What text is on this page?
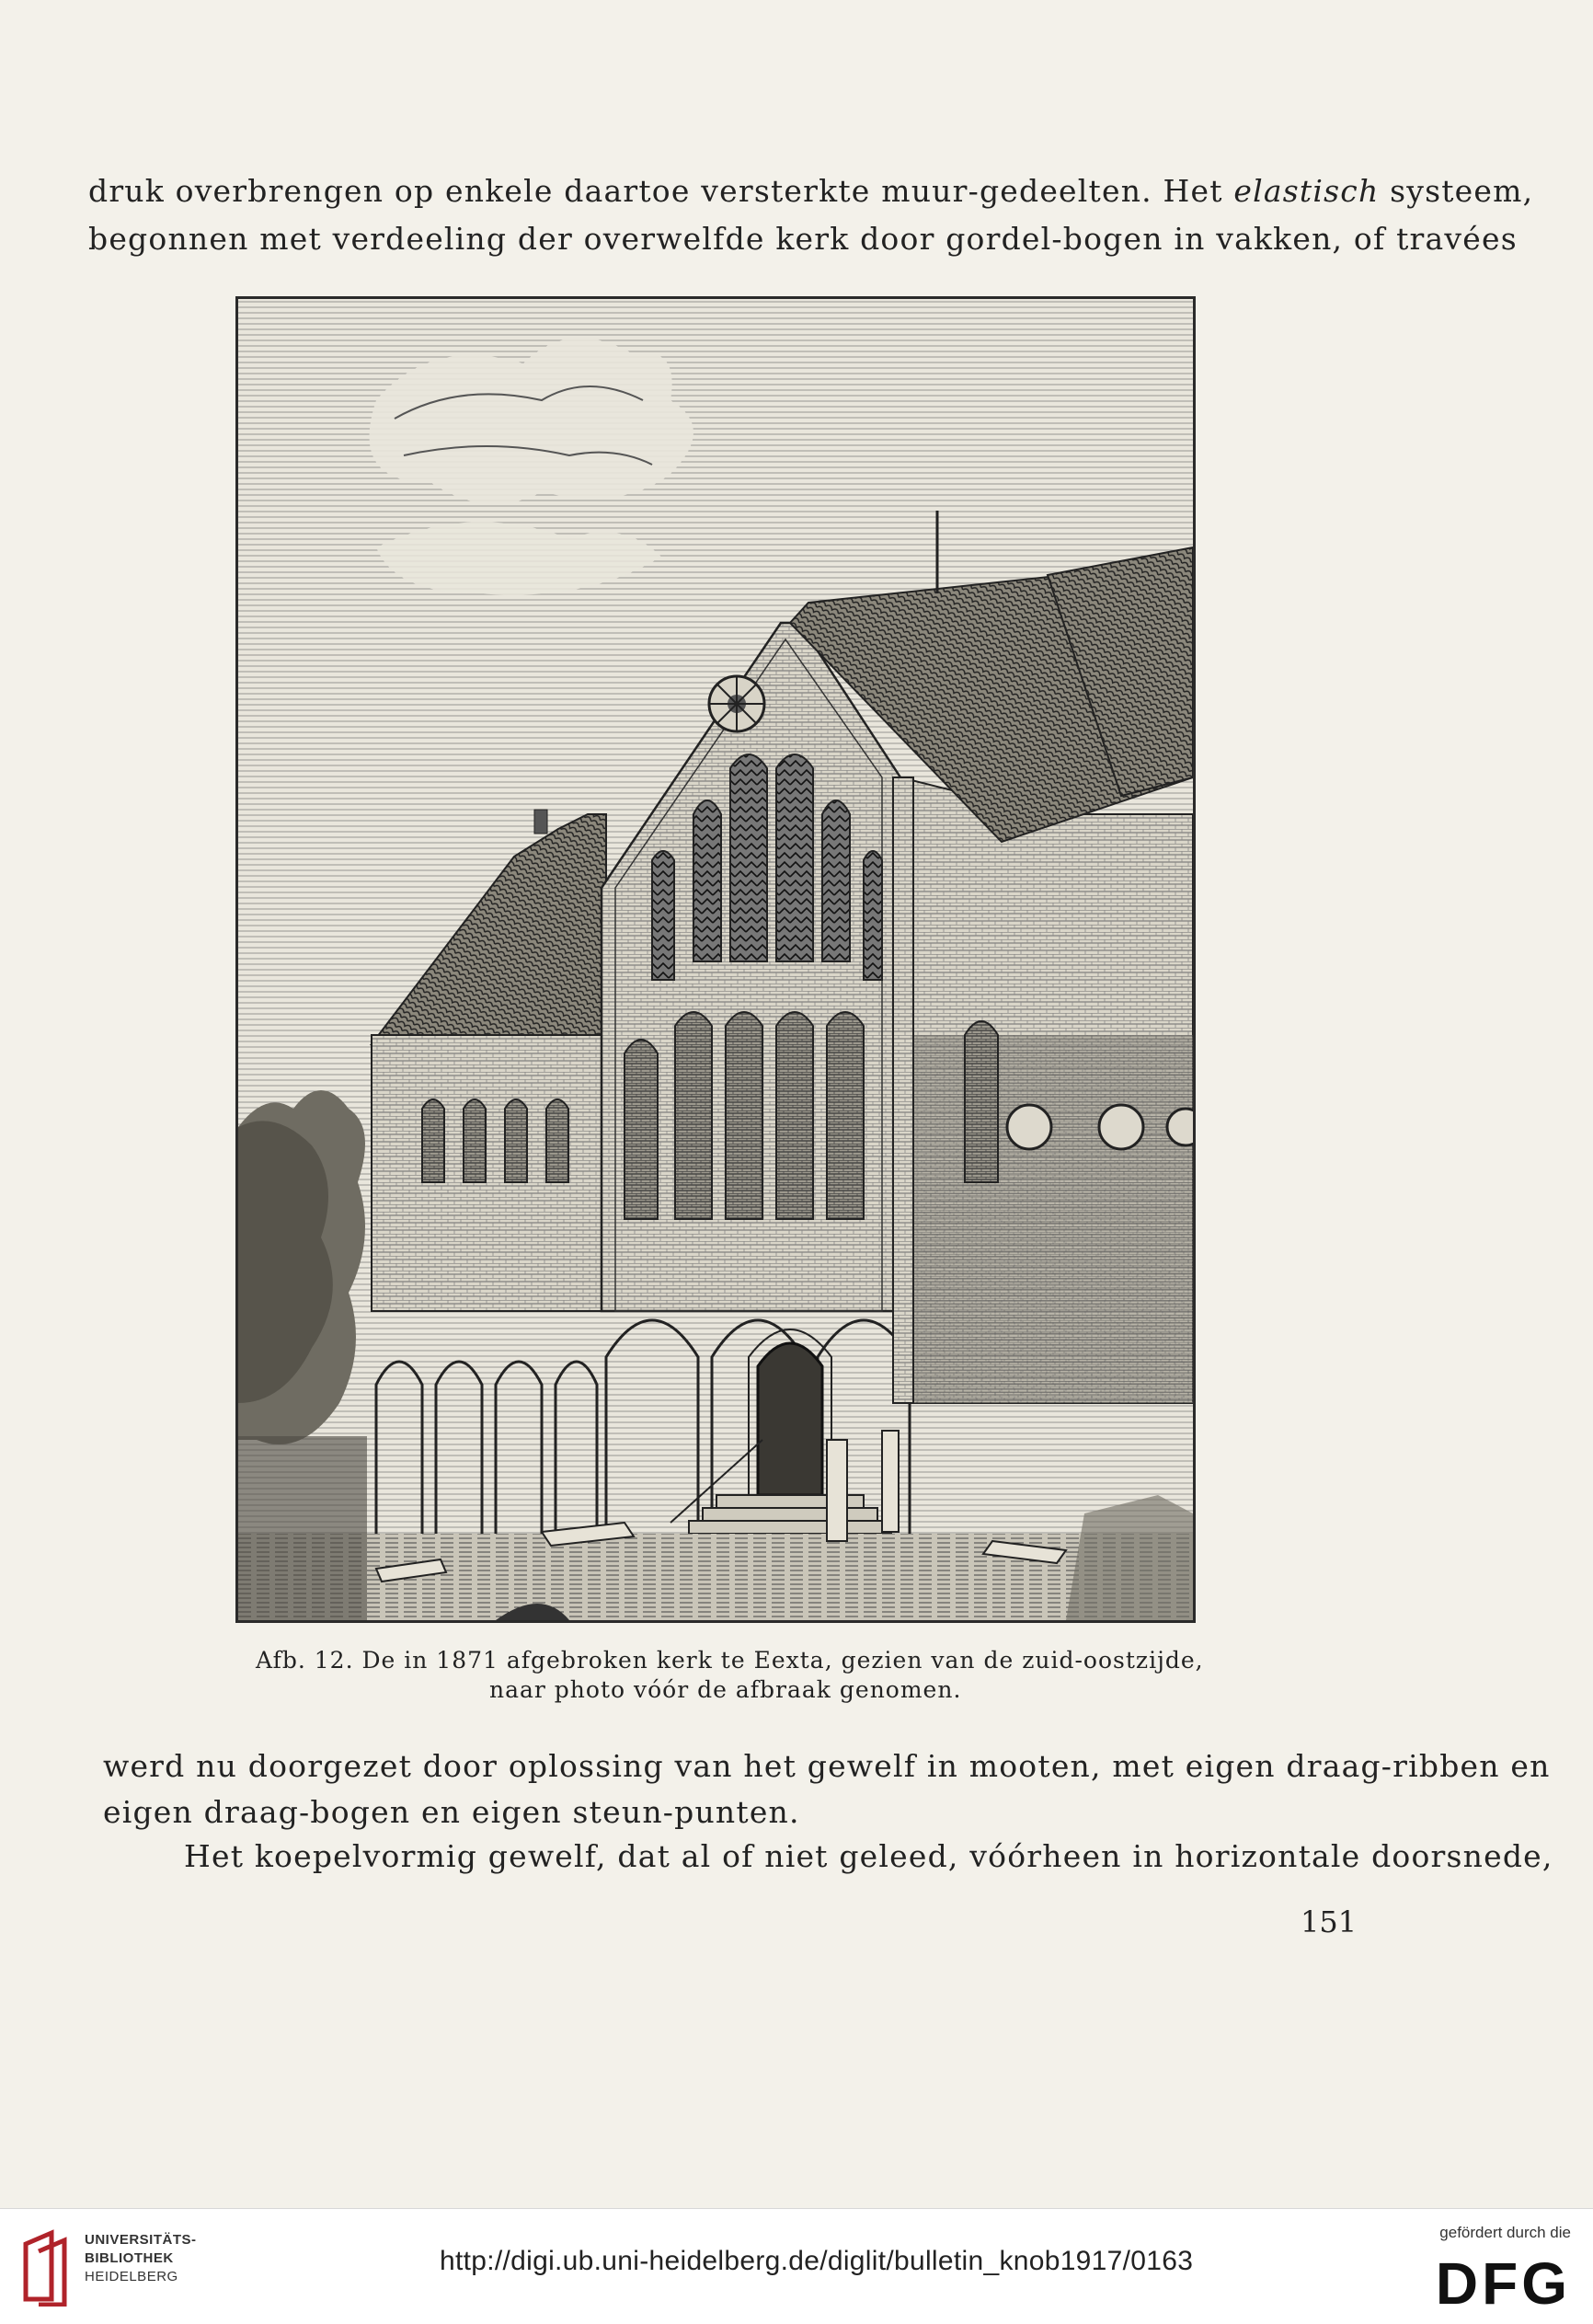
druk overbrengen op enkele daartoe versterkte muur-gedeelten. Het elastisch systeem,
begonnen met verdeeling der overwelfde kerk door gordel-bogen in vakken, of travées
Afb. 12. De in 1871 afgebroken kerk te Eexta, gezien van de zuid-oostzijde,
naar photo vóór de afbraak genomen.
werd nu doorgezet door oplossing van het gewelf in mooten, met eigen draag-ribben en
eigen draag-bogen en eigen steun-punten.
Het koepelvormig gewelf, dat al of niet geleed, vóórheen in horizontale doorsnede,
151
UNIVERSITÄTS-
BIBLIOTHEK
HEIDELBERG
http://digi.ub.uni-heidelberg.de/diglit/bulletin_knob1917/0163
gefördert durch die
DFG
